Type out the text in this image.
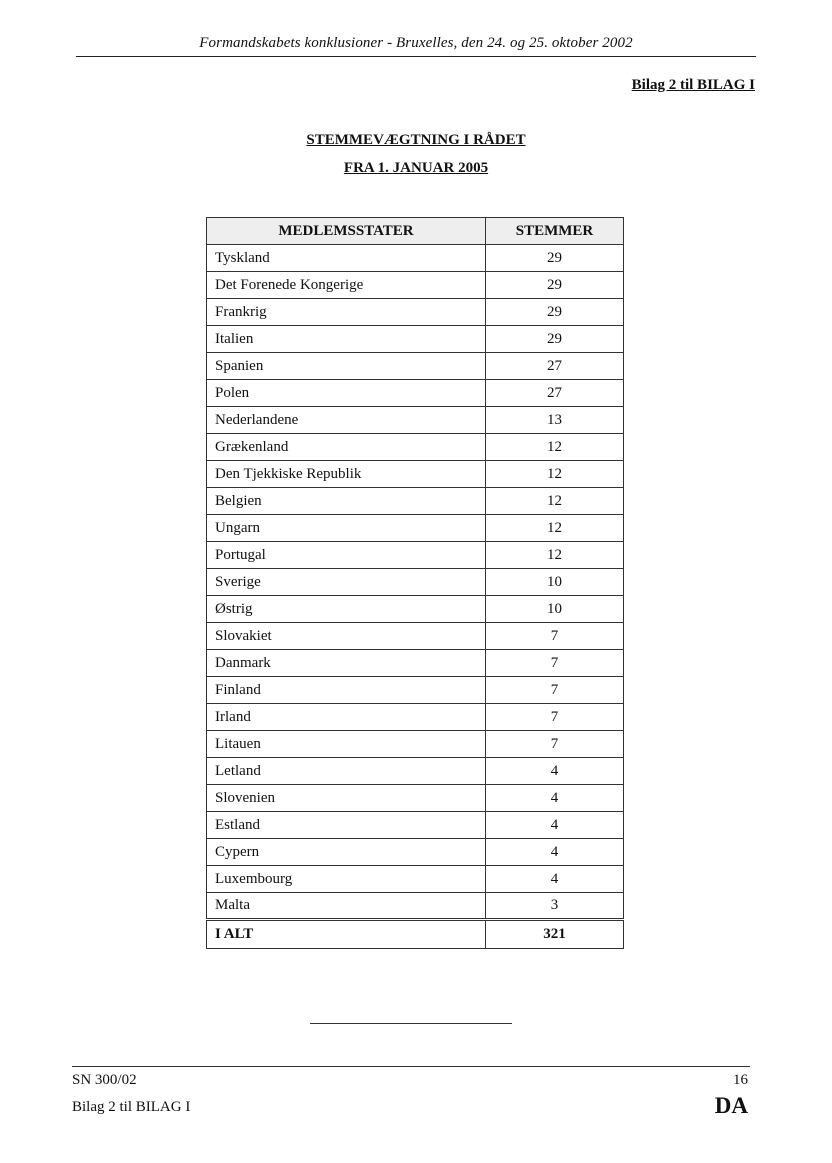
Formandskabets konklusioner - Bruxelles, den 24. og 25. oktober 2002
Bilag 2 til BILAG I
STEMMEVÆGTNING I RÅDET
FRA 1. JANUAR 2005
MEDLEMSSTATER	STEMMER
Tyskland	29
Det Forenede Kongerige	29
Frankrig	29
Italien	29
Spanien	27
Polen	27
Nederlandene	13
Grækenland	12
Den Tjekkiske Republik	12
Belgien	12
Ungarn	12
Portugal	12
Sverige	10
Østrig	10
Slovakiet	7
Danmark	7
Finland	7
Irland	7
Litauen	7
Letland	4
Slovenien	4
Estland	4
Cypern	4
Luxembourg	4
Malta	3
I ALT	321
SN 300/02
Bilag 2 til BILAG I
16
DA
